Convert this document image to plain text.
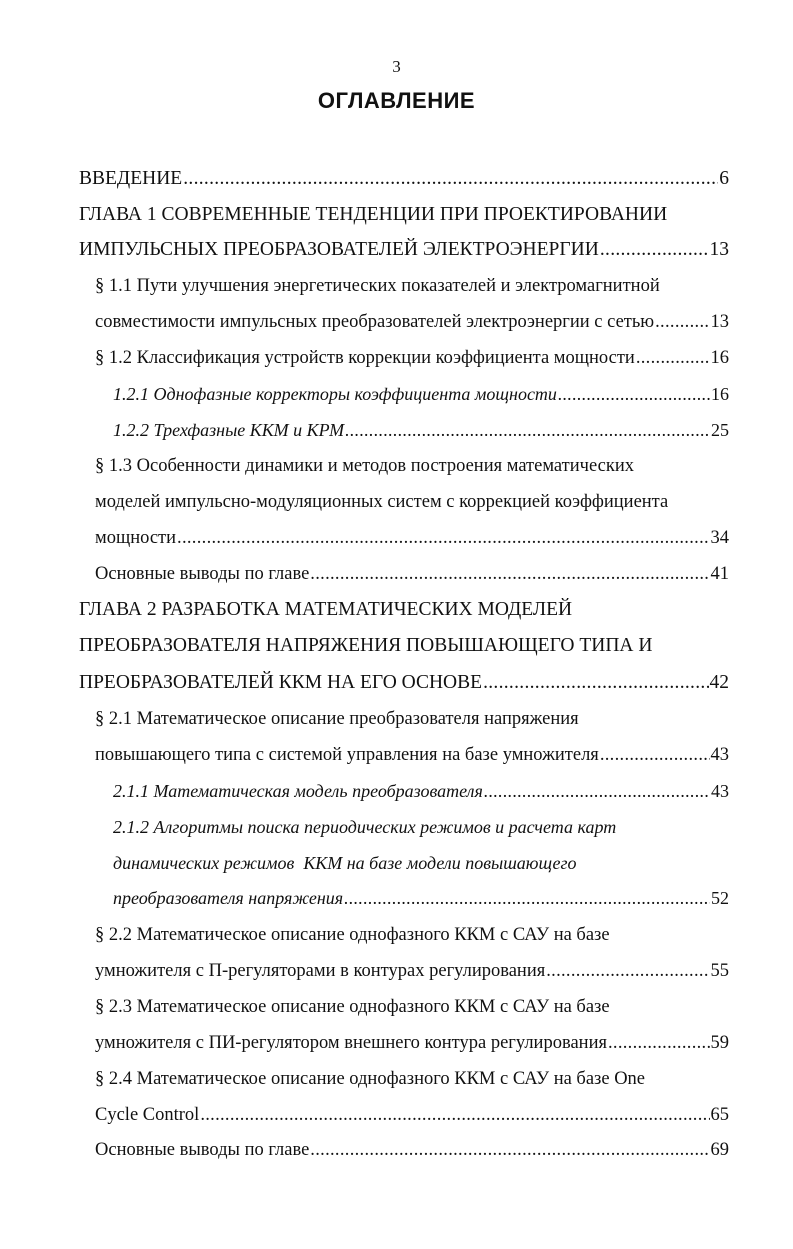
3
ОГЛАВЛЕНИЕ
ВВЕДЕНИЕ .....	6
ГЛАВА 1 СОВРЕМЕННЫЕ ТЕНДЕНЦИИ ПРИ ПРОЕКТИРОВАНИИ
ИМПУЛЬСНЫХ ПРЕОБРАЗОВАТЕЛЕЙ ЭЛЕКТРОЭНЕРГИИ .....	13
§ 1.1 Пути улучшения энергетических показателей и электромагнитной
совместимости импульсных преобразователей электроэнергии с сетью .....	13
§ 1.2 Классификация устройств коррекции коэффициента мощности .....	16
1.2.1 Однофазные корректоры коэффициента мощности .....	16
1.2.2 Трехфазные ККМ и КРМ .....	25
§ 1.3 Особенности динамики и методов построения математических
моделей импульсно-модуляционных систем с коррекцией коэффициента
мощности .....	34
Основные выводы по главе .....	41
ГЛАВА 2 РАЗРАБОТКА МАТЕМАТИЧЕСКИХ МОДЕЛЕЙ
ПРЕОБРАЗОВАТЕЛЯ НАПРЯЖЕНИЯ ПОВЫШАЮЩЕГО ТИПА И
ПРЕОБРАЗОВАТЕЛЕЙ ККМ НА ЕГО ОСНОВЕ .....	42
§ 2.1 Математическое описание преобразователя напряжения
повышающего типа с системой управления на базе умножителя .....	43
2.1.1 Математическая модель преобразователя .....	43
2.1.2 Алгоритмы поиска периодических режимов и расчета карт
динамических режимов  ККМ на базе модели повышающего
преобразователя напряжения .....	52
§ 2.2 Математическое описание однофазного ККМ с САУ на базе
умножителя с П-регуляторами в контурах регулирования .....	55
§ 2.3 Математическое описание однофазного ККМ с САУ на базе
умножителя с ПИ-регулятором внешнего контура регулирования .....	59
§ 2.4 Математическое описание однофазного ККМ с САУ на базе One
Cycle Control .....	65
Основные выводы по главе .....	69
